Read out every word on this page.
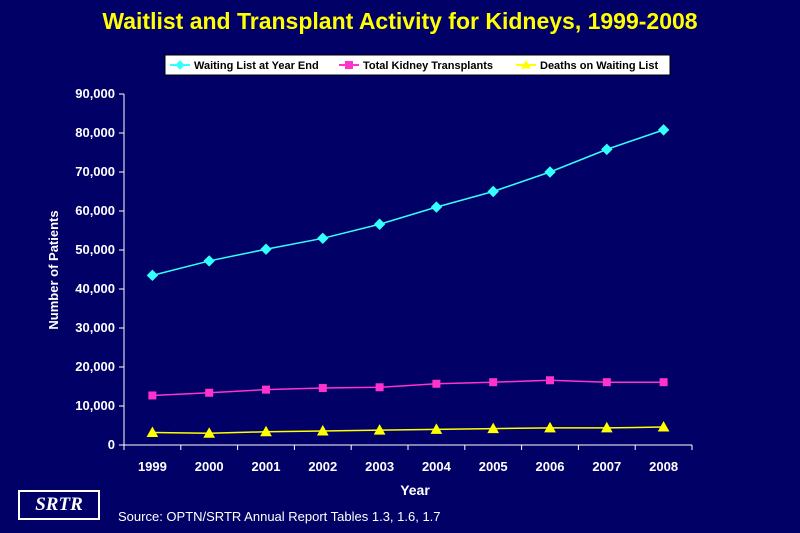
Waitlist and Transplant Activity for Kidneys, 1999-2008
Waiting List at Year End	Total Kidney Transplants	Deaths on Waiting List
0
10,000
20,000
30,000
40,000
50,000
60,000
70,000
80,000
90,000
1999 2000 2001 2002 2003 2004 2005 2006 2007 2008
Number of Patients
Year
SRTR
Source: OPTN/SRTR Annual Report Tables 1.3, 1.6, 1.7
